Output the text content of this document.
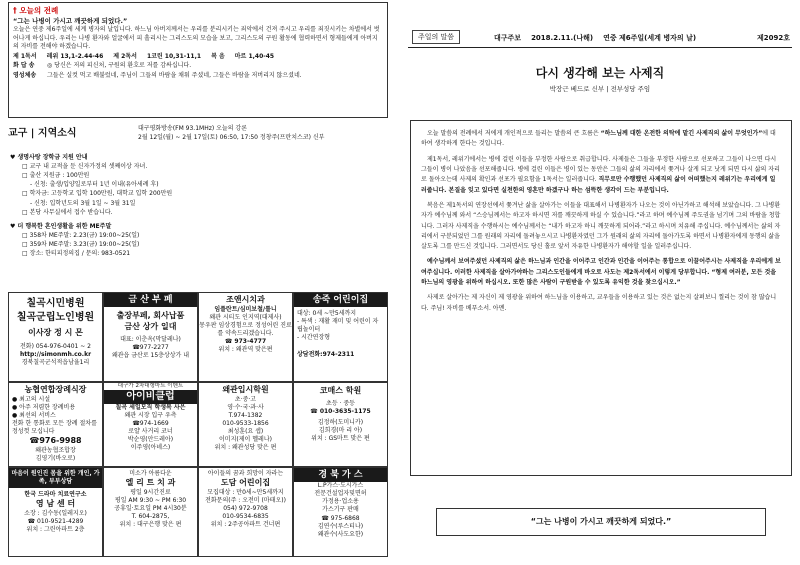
† 오늘의 전례
“그는 나병이 가시고 깨끗하게 되었다.”
오늘은 연중 제6주일에 세계 병자의 날입니다. 하느님 아버지께서는 우리를 분리시키는 죄악에서 건져 주시고 우리를 죄짓시키는 차별에서 벗어나게 하십니다. 우리는 나병 환자와 얼굴에서 피 흘리시는 그리스도의 모습을 보고, 그리스도의 구원 활동에 협력하면서 형제들에게 아버지의 자비를 전해야 하겠습니다.
제 1독서 레위 13,1-2.44-46 제 2독서 1코린 10,31-11,1 복 음 마르 1,40-45
화 답 송	◎ 당신은 저의 피신처, 구원의 환호로 저를 감싸십니다.
영성체송	그들은 실컷 먹고 배불렀네, 주님이 그들의 바람을 채워 주셨네, 그들은 바람을 저버리지 않으셨네.
교구 | 지역소식	대구평화방송(FM 93.1MHz) 오늘의 강론
2월 12일(월) ~ 2월 17일(토) 06:50, 17:50 정창주(프란치스코) 신부
♥ 생명사랑 장학금 지원 안내
□ 교구 내 교적을 둔 신자가정의 셋째이상 자녀.
□ 출산 지원금 : 100만원
- 신청: 출생/입양일로부터 1년 이내(유아세례 후)
□ 학자금: 고등학교 입학 100만원, 대학교 입학 200만원
- 신청: 입학년도의 3월 1일 ~ 3월 31일
□ 본당 사무실에서 접수 받습니다.
♥ 더 행복한 혼인생활을 위한 ME주말
□ 358차 ME주말: 2.23(금) 19:00~25(일)
□ 359차 ME주말: 3.23(금) 19:00~25(일)
□ 장소: 한티피정의집 / 문의: 983-0521
칠곡시민병원
칠곡군립노인병원
이사장 정 시 몬
전화) 054-976-0401 ~ 2
http://simonmh.co.kr
경북칠곡군석적읍남율1리
금 산 부 페
출장부페, 회사납품
금산 상가 일대
대표: 이춘옥(막달레나)
☎977-2277
왜관읍 금산로 15층상상가 내
조앤시치과
임플란트/심미보철/틀니
왜관 시티도 인지역(대제사)
몽우판 임상경험으로 정성어린 진료를 약속드리겠습니다.
☎ 973-4777
위치 : 왜관역 맞은편
송죽 어린이집
대상: 0세 ~만5세까지
- 특색 : 재활 재미 및 어린이 자립놀이터
- 시간연장형
상담전화:974-2311
농협연합장례식장
● 최고의 시설
● 아주 저렴한 장례비용
● 최선의 서비스
전화 한 통화로 모든 장례 절차를 정성껏 모십니다
☎976-9988
왜관농협조합장
김영기(바오로)
대구가 2차대형마트 이벤트
아이비클럽
칠곡 세일모직 학생복 사은
왜관 시장 입구 우측
☎974-1669
로얄 사거리 코너
박순영(안드레아)
이주영(아녜스)
왜관입시학원
초·중·고
영·수·국·과·사
T.974-1382
010-9533-1856
최성훈(요 셉)
이미지(제이 헬레나)
위치 : 왜관성당 맞은 편
코매스 학원
초등 · 중등
☎ 010-3635-1175
김정하(도미니카)
김희경(마 리 아)
위치 : GS마트 맞은 편
마음이 원인진 몸을 위한 개인, 가족, 부부상담
한국 드라마 치료연구소
영 남 센 터
소장 : 김수동(일레지오)
☎ 010-9521-4289
위치 : 그린아파트 2층
미소가 아름다운
엘 리 트 치 과
평일 9시간진료
평일 AM 9:30 ~ PM 6:30
공휴일·토요일 PM 4시30분
T. 604-2875,
위치 : 대구은행 맞은 편
아이들의 꿈과 희망이 자라는
도담 어린이집
모집대상 : 만0세~만5세까지
전화문의(주 : 오전미 (마태오))
054) 972-9708
010-9534-6835
위치 : 2주공아파트 건너편
경 북 가 스
L.P가스·도시가스
전문건설업자및면허
가정용·업소용
가스기구 판매
☎ 975-6868
김연수(루스티나)
왜관수(사도요한)
주일의 말씀	대구주보 2018.2.11.(나해) 연중 제6주일(세계 병자의 날)	제2092호
다시 생각해 보는 사제직
박장근 베드로 신부 | 전부성당 주임

오늘 말씀의 전례에서 저에게 개인적으로 들리는 말씀의 큰 흐름은 “하느님께 대한 온전한 의탁에 맡긴 사제직의 삶이 무엇인가”에 대하여 생각하게 한다는 것입니다.

제1독서, 레위기에서는 병에 걸린 이들을 부정한 사람으로 취급합니다. 사제들은 그들을 부정한 사람으로 선포하고 그들이 나으면 다시 그들이 병이 나았음을 선포해줍니다. 병에 걸린 이들은 병이 있는 동안은 그들의 삶의 자리에서 쫓겨나 살게 되고 낫게 되면 다시 삶의 자리로 돌아오는데 사제의 확인과 선포가 필요함을 1독서는 일러줍니다. 직무로만 수행했던 사제직의 삶이 어떠했는지 레위기는 우리에게 일러줍니다. 본질을 잊고 있다면 실천한의 영혼만 하겠구나 하는 섬뜩한 생각이 드는 부분입니다.

복음은 제1독서의 연장선에서 쫓겨난 삶을 살아가는 이들을 대표해서 나병환자가 나오는 것이 아닌가하고 해석해 보았습니다. 그 나병환자가 예수님께 와서 “스승님께서는 하고자 하시면 저를 깨끗하게 하실 수 있습니다.”라고 하며 예수님께 주도권을 넘기며 그의 바람을 청합니다. 그러자 사제직을 수행하시는 예수님께서는 “내가 하고자 하니 깨끗하게 되어라.”라고 하시며 치유해 주십니다. 예수님께서는 삶의 자리에서 구분되었던 그를 원래의 자리에 돌려놓으시고 나병환자였던 그가 원래의 삶의 자리에 돌아가도록 하면서 나병환자에게 동행의 삶을 살도록 그를 만드신 것입니다. 그러면서도 당신 홀로 앞서 자유한 나병환자가 해야할 일을 일러주십니다.

예수님께서 보여주셨던 사제직의 삶은 하느님과 인간을 이어주고 인간과 인간을 이어주는 통합으로 이끌어주시는 사제직을 우리에게 보여주십니다. 이러한 사제직을 살아가야하는 그리스도인들에게 바오로 사도는 제2독서에서 이렇게 당부합니다. “형제 여러분, 모든 것을 하느님의 영광을 위하여 하십시오. 또한 많은 사람이 구원받을 수 있도록 유익한 것을 찾으십시오.”

사제로 살아가는 제 자신이 제 영광을 위하여 하느님을 이용하고, 교우들을 이용하고 있는 것은 없는지 살펴보니 찔리는 것이 참 많습니다. 주님! 자비를 베푸소서. 아멘.

“그는 나병이 가시고 깨끗하게 되었다.”
